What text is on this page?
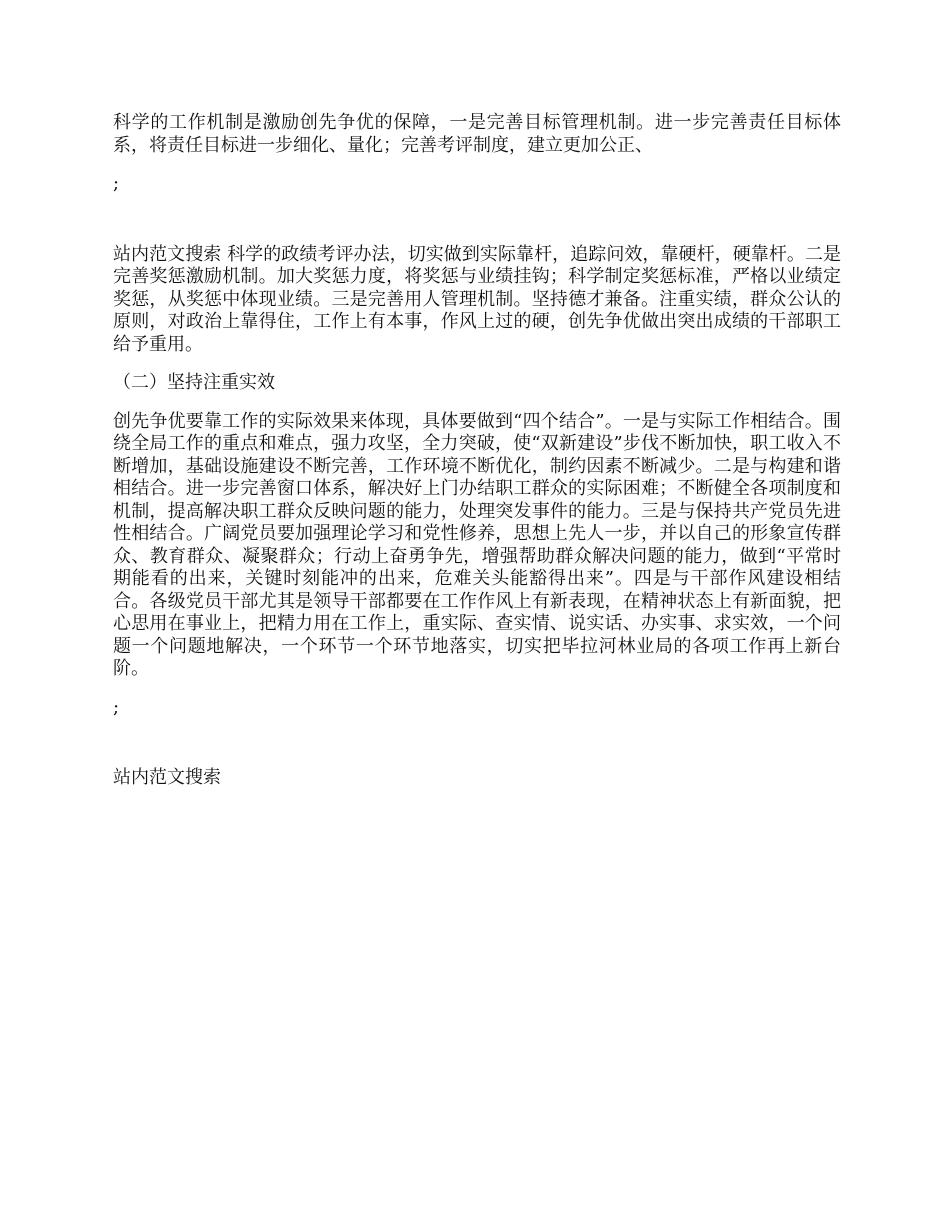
科学的工作机制是激励创先争优的保障，一是完善目标管理机制。进一步完善责任目标体系，将责任目标进一步细化、量化；完善考评制度，建立更加公正、

;

站内范文搜索 科学的政绩考评办法，切实做到实际靠杆，追踪问效，靠硬杆，硬靠杆。二是完善奖惩激励机制。加大奖惩力度，将奖惩与业绩挂钩；科学制定奖惩标准，严格以业绩定奖惩，从奖惩中体现业绩。三是完善用人管理机制。坚持德才兼备。注重实绩，群众公认的原则，对政治上靠得住，工作上有本事，作风上过的硬，创先争优做出突出成绩的干部职工给予重用。

（二）坚持注重实效

创先争优要靠工作的实际效果来体现，具体要做到“四个结合”。一是与实际工作相结合。围绕全局工作的重点和难点，强力攻坚，全力突破，使“双新建设”步伐不断加快，职工收入不断增加，基础设施建设不断完善，工作环境不断优化，制约因素不断减少。二是与构建和谐相结合。进一步完善窗口体系，解决好上门办结职工群众的实际困难；不断健全各项制度和机制，提高解决职工群众反映问题的能力，处理突发事件的能力。三是与保持共产党员先进性相结合。广阔党员要加强理论学习和党性修养，思想上先人一步，并以自己的形象宣传群众、教育群众、凝聚群众；行动上奋勇争先，增强帮助群众解决问题的能力，做到“平常时期能看的出来，关键时刻能冲的出来，危难关头能豁得出来”。四是与干部作风建设相结合。各级党员干部尤其是领导干部都要在工作作风上有新表现，在精神状态上有新面貌，把心思用在事业上，把精力用在工作上，重实际、查实情、说实话、办实事、求实效，一个问题一个问题地解决，一个环节一个环节地落实，切实把毕拉河林业局的各项工作再上新台阶。

;

站内范文搜索
